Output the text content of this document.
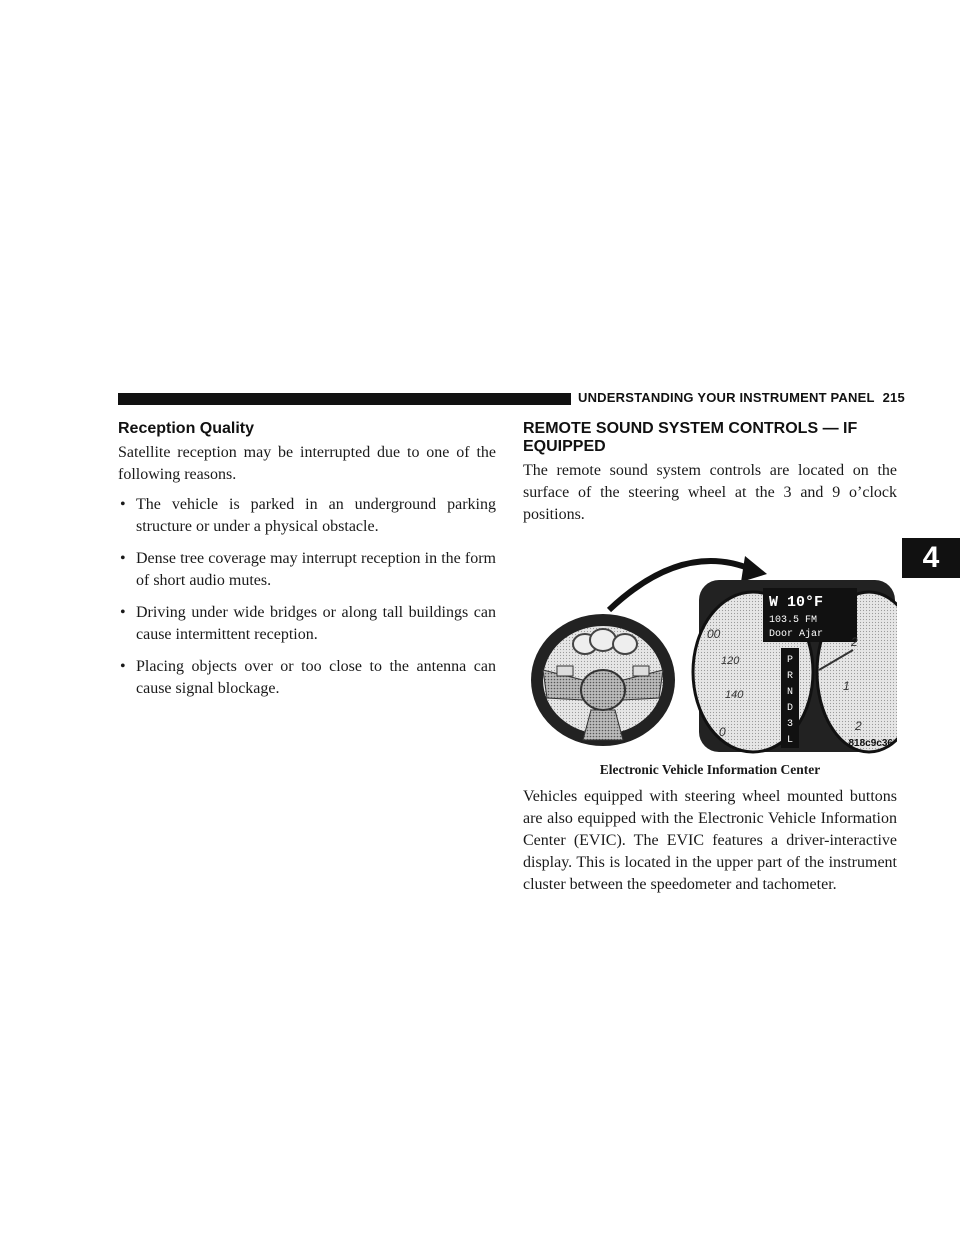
UNDERSTANDING YOUR INSTRUMENT PANEL 215
4
Reception Quality

Satellite reception may be interrupted due to one of the following reasons.

• The vehicle is parked in an underground parking structure or under a physical obstacle.
• Dense tree coverage may interrupt reception in the form of short audio mutes.
• Driving under wide bridges or along tall buildings can cause intermittent reception.
• Placing objects over or too close to the antenna can cause signal blockage.
REMOTE SOUND SYSTEM CONTROLS — IF EQUIPPED

The remote sound system controls are located on the surface of the steering wheel at the 3 and 9 o’clock positions.

W 10°F
103.5 FM
Door Ajar
P
R
N
D
3
L
00
120
140
0
2
1
2
818c9c36
Electronic Vehicle Information Center

Vehicles equipped with steering wheel mounted buttons are also equipped with the Electronic Vehicle Information Center (EVIC). The EVIC features a driver-interactive display. This is located in the upper part of the instrument cluster between the speedometer and tachometer.
